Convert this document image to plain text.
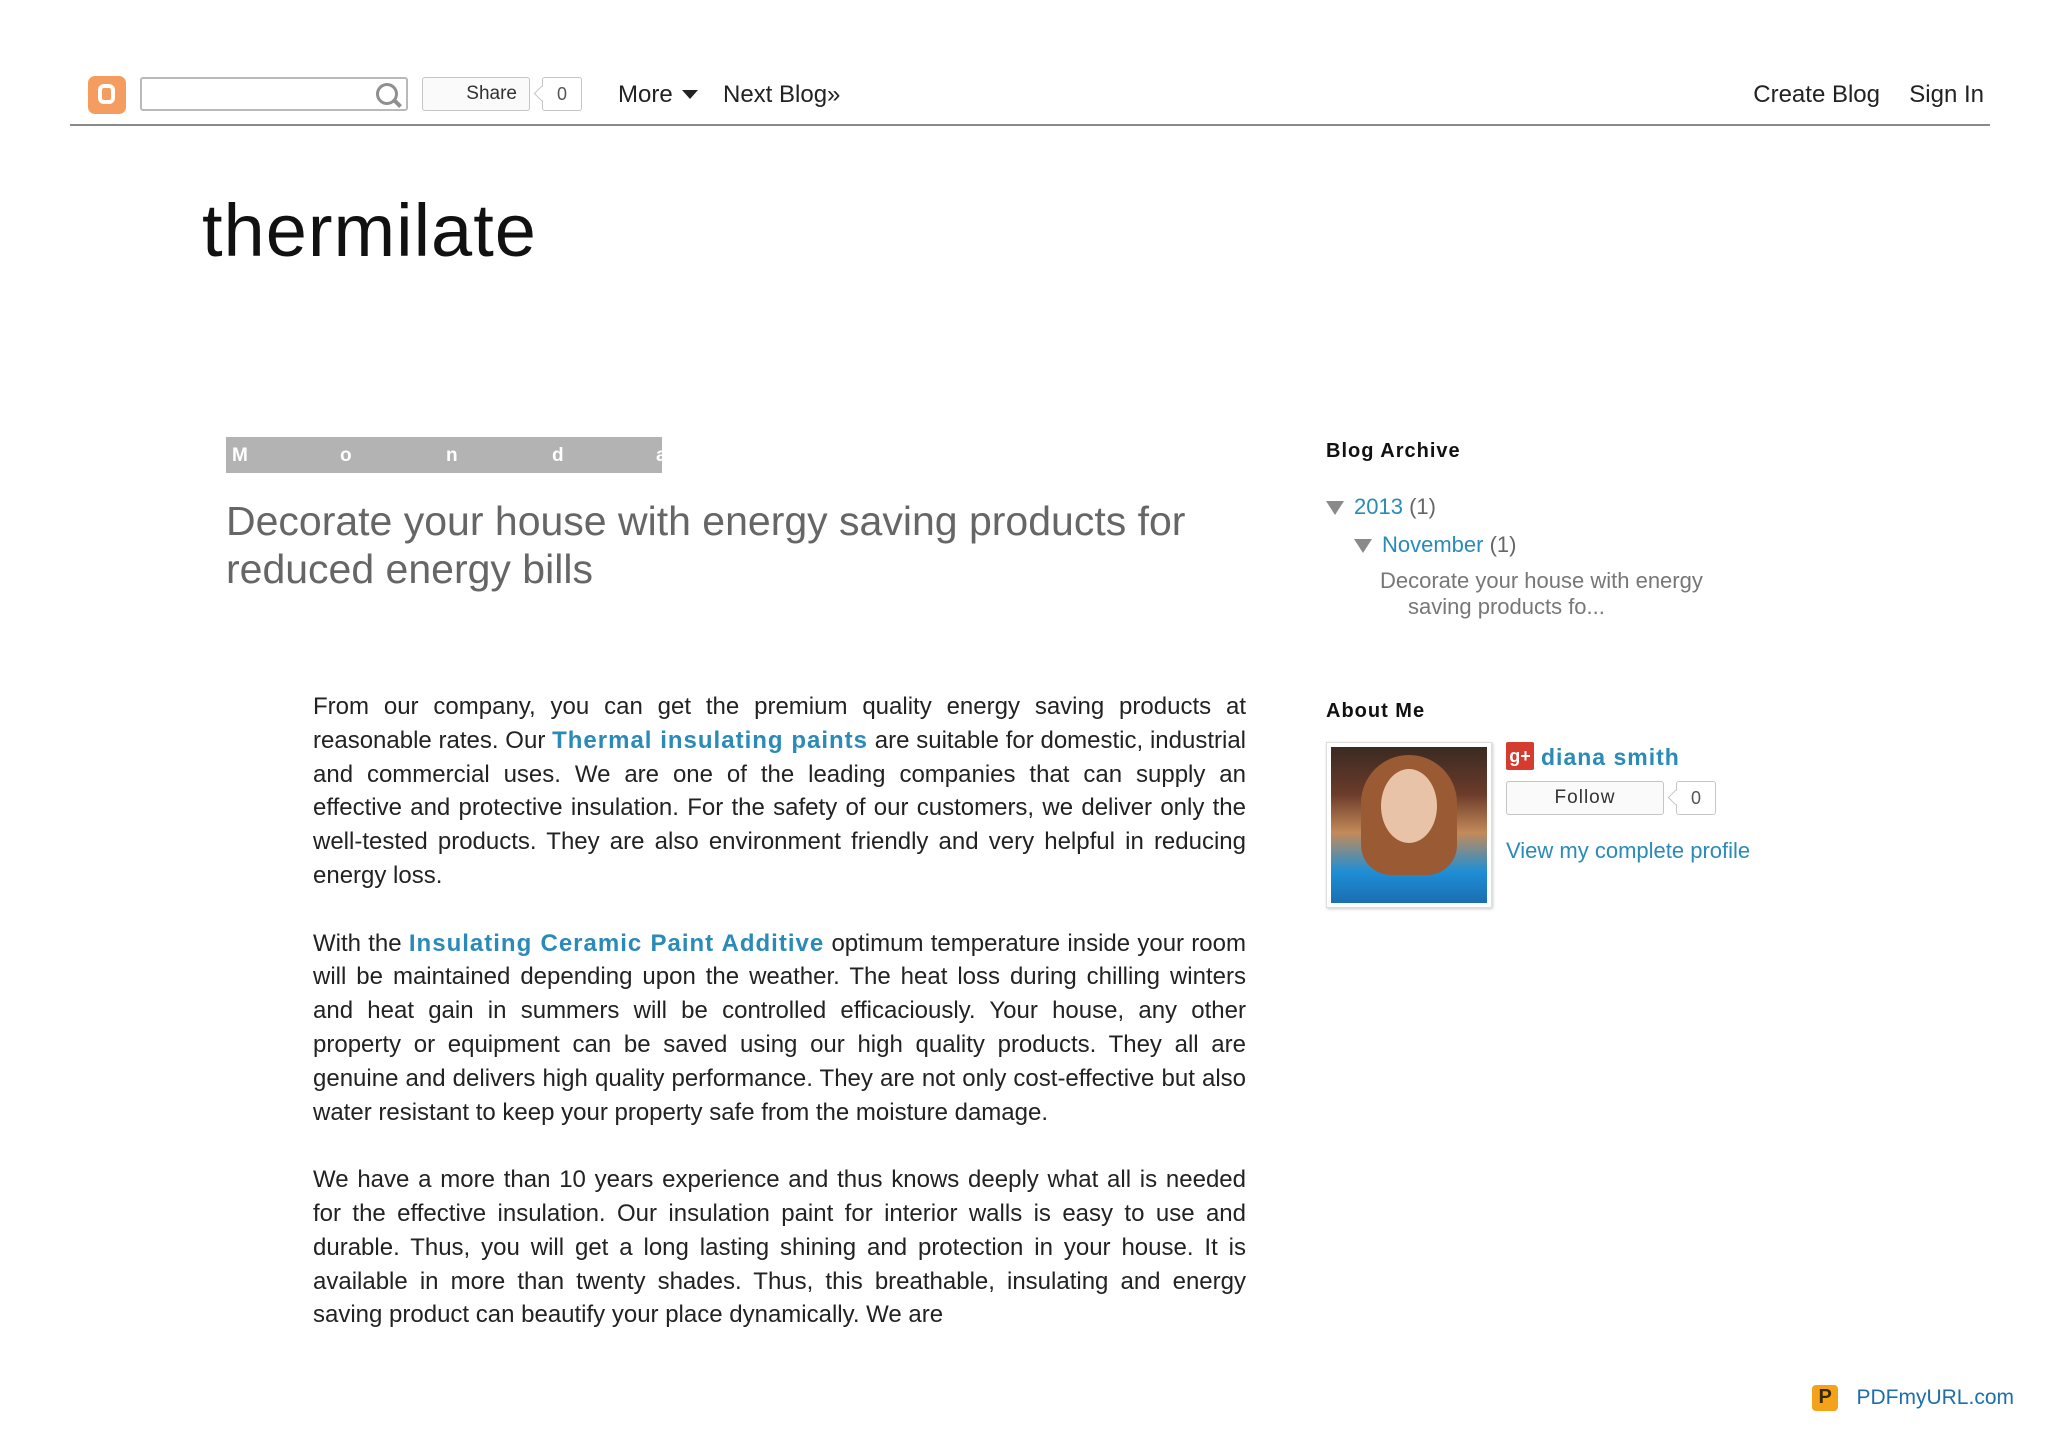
Share	0	More Next Blog»	Create Blog Sign In
thermilate
M	o	n	d	a
Decorate your house with energy saving products for reduced energy bills

From our company, you can get the premium quality energy saving products at reasonable rates. Our Thermal insulating paints are suitable for domestic, industrial and commercial uses. We are one of the leading companies that can supply an effective and protective insulation. For the safety of our customers, we deliver only the well-tested products. They are also environment friendly and very helpful in reducing energy loss.

With the Insulating Ceramic Paint Additive optimum temperature inside your room will be maintained depending upon the weather. The heat loss during chilling winters and heat gain in summers will be controlled efficaciously. Your house, any other property or equipment can be saved using our high quality products. They all are genuine and delivers high quality performance. They are not only cost-effective but also water resistant to keep your property safe from the moisture damage.

We have a more than 10 years experience and thus knows deeply what all is needed for the effective insulation. Our insulation paint for interior walls is easy to use and durable. Thus, you will get a long lasting shining and protection in your house. It is available in more than twenty shades. Thus, this breathable, insulating and energy saving product can beautify your place dynamically. We are

Blog Archive
2013 (1)
November (1)
Decorate your house with energy
saving products fo...
About Me
g+ diana smith
Follow	0
View my complete profile
P
PDFmyURL.com
